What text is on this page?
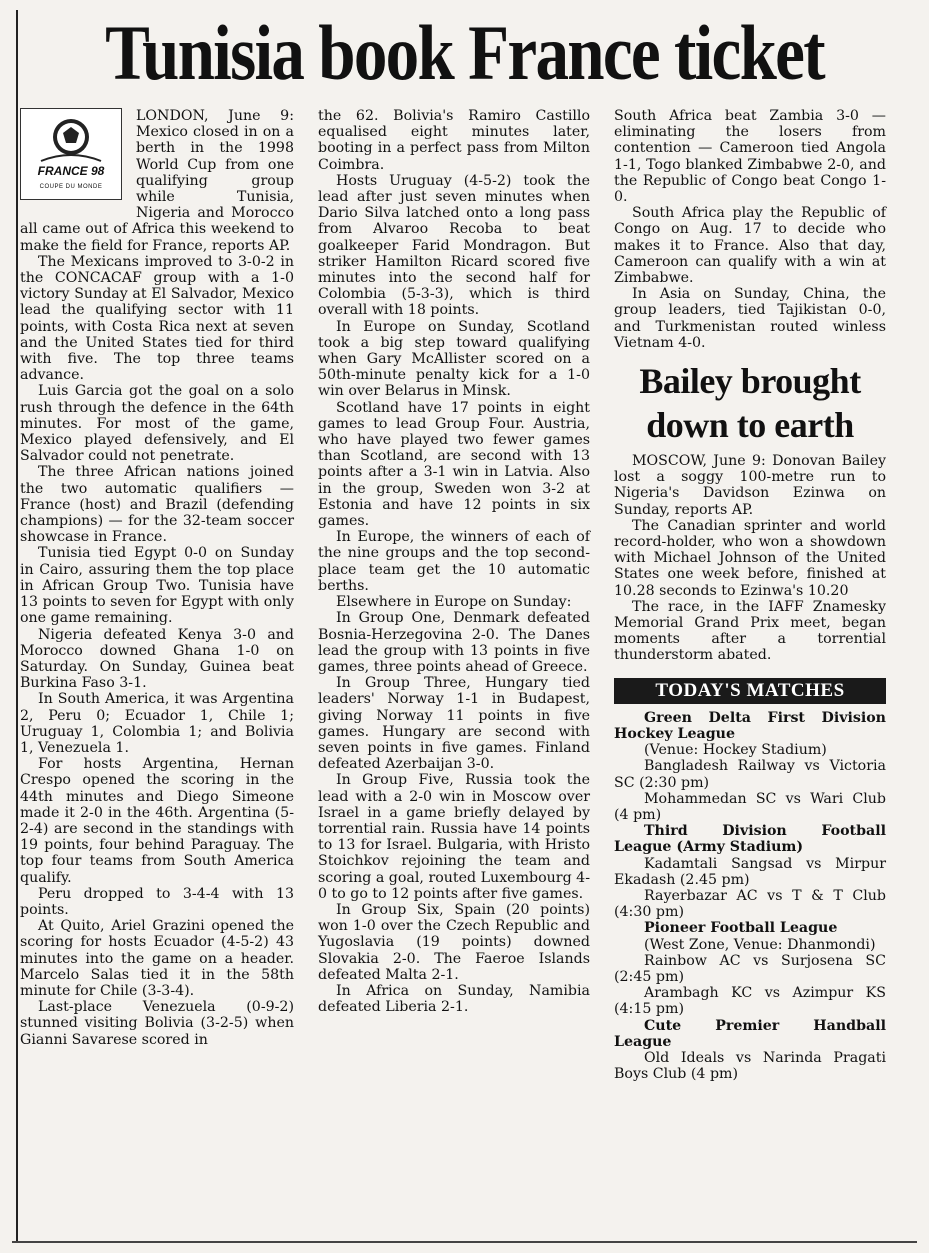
Tunisia book France ticket
FRANCE 98
COUPE DU MONDE

LONDON, June 9: Mexico closed in on a berth in the 1998 World Cup from one qualifying group while Tunisia, Nigeria and Morocco all came out of Africa this weekend to make the field for France, reports AP.

The Mexicans improved to 3-0-2 in the CONCACAF group with a 1-0 victory Sunday at El Salvador, Mexico lead the qualifying sector with 11 points, with Costa Rica next at seven and the United States tied for third with five. The top three teams advance.

Luis Garcia got the goal on a solo rush through the defence in the 64th minutes. For most of the game, Mexico played defensively, and El Salvador could not penetrate.

The three African nations joined the two automatic qualifiers — France (host) and Brazil (defending champions) — for the 32-team soccer showcase in France.

Tunisia tied Egypt 0-0 on Sunday in Cairo, assuring them the top place in African Group Two. Tunisia have 13 points to seven for Egypt with only one game remaining.

Nigeria defeated Kenya 3-0 and Morocco downed Ghana 1-0 on Saturday. On Sunday, Guinea beat Burkina Faso 3-1.

In South America, it was Argentina 2, Peru 0; Ecuador 1, Chile 1; Uruguay 1, Colombia 1; and Bolivia 1, Venezuela 1.

For hosts Argentina, Hernan Crespo opened the scoring in the 44th minutes and Diego Simeone made it 2-0 in the 46th. Argentina (5-2-4) are second in the standings with 19 points, four behind Paraguay. The top four teams from South America qualify.

Peru dropped to 3-4-4 with 13 points.

At Quito, Ariel Grazini opened the scoring for hosts Ecuador (4-5-2) 43 minutes into the game on a header. Marcelo Salas tied it in the 58th minute for Chile (3-3-4).

Last-place Venezuela (0-9-2) stunned visiting Bolivia (3-2-5) when Gianni Savarese scored in

the 62. Bolivia's Ramiro Castillo equalised eight minutes later, booting in a perfect pass from Milton Coimbra.

Hosts Uruguay (4-5-2) took the lead after just seven minutes when Dario Silva latched onto a long pass from Alvaroo Recoba to beat goalkeeper Farid Mondragon. But striker Hamilton Ricard scored five minutes into the second half for Colombia (5-3-3), which is third overall with 18 points.

In Europe on Sunday, Scotland took a big step toward qualifying when Gary McAllister scored on a 50th-minute penalty kick for a 1-0 win over Belarus in Minsk.

Scotland have 17 points in eight games to lead Group Four. Austria, who have played two fewer games than Scotland, are second with 13 points after a 3-1 win in Latvia. Also in the group, Sweden won 3-2 at Estonia and have 12 points in six games.

In Europe, the winners of each of the nine groups and the top second-place team get the 10 automatic berths.

Elsewhere in Europe on Sunday:

In Group One, Denmark defeated Bosnia-Herzegovina 2-0. The Danes lead the group with 13 points in five games, three points ahead of Greece.

In Group Three, Hungary tied leaders' Norway 1-1 in Budapest, giving Norway 11 points in five games. Hungary are second with seven points in five games. Finland defeated Azerbaijan 3-0.

In Group Five, Russia took the lead with a 2-0 win in Moscow over Israel in a game briefly delayed by torrential rain. Russia have 14 points to 13 for Israel. Bulgaria, with Hristo Stoichkov rejoining the team and scoring a goal, routed Luxembourg 4-0 to go to 12 points after five games.

In Group Six, Spain (20 points) won 1-0 over the Czech Republic and Yugoslavia (19 points) downed Slovakia 2-0. The Faeroe Islands defeated Malta 2-1.

In Africa on Sunday, Namibia defeated Liberia 2-1.

South Africa beat Zambia 3-0 — eliminating the losers from contention — Cameroon tied Angola 1-1, Togo blanked Zimbabwe 2-0, and the Republic of Congo beat Congo 1-0.

South Africa play the Republic of Congo on Aug. 17 to decide who makes it to France. Also that day, Cameroon can qualify with a win at Zimbabwe.

In Asia on Sunday, China, the group leaders, tied Tajikistan 0-0, and Turkmenistan routed winless Vietnam 4-0.

Bailey brought down to earth

MOSCOW, June 9: Donovan Bailey lost a soggy 100-metre run to Nigeria's Davidson Ezinwa on Sunday, reports AP.

The Canadian sprinter and world record-holder, who won a showdown with Michael Johnson of the United States one week before, finished at 10.28 seconds to Ezinwa's 10.20

The race, in the IAFF Znamesky Memorial Grand Prix meet, began moments after a torrential thunderstorm abated.

TODAY'S MATCHES

Green Delta First Division Hockey League

(Venue: Hockey Stadium)

Bangladesh Railway vs Victoria SC (2:30 pm)

Mohammedan SC vs Wari Club (4 pm)

Third Division Football League (Army Stadium)

Kadamtali Sangsad vs Mirpur Ekadash (2.45 pm)

Rayerbazar AC vs T & T Club (4:30 pm)

Pioneer Football League

(West Zone, Venue: Dhanmondi)

Rainbow AC vs Surjosena SC (2:45 pm)

Arambagh KC vs Azimpur KS (4:15 pm)

Cute Premier Handball League

Old Ideals vs Narinda Pragati Boys Club (4 pm)
